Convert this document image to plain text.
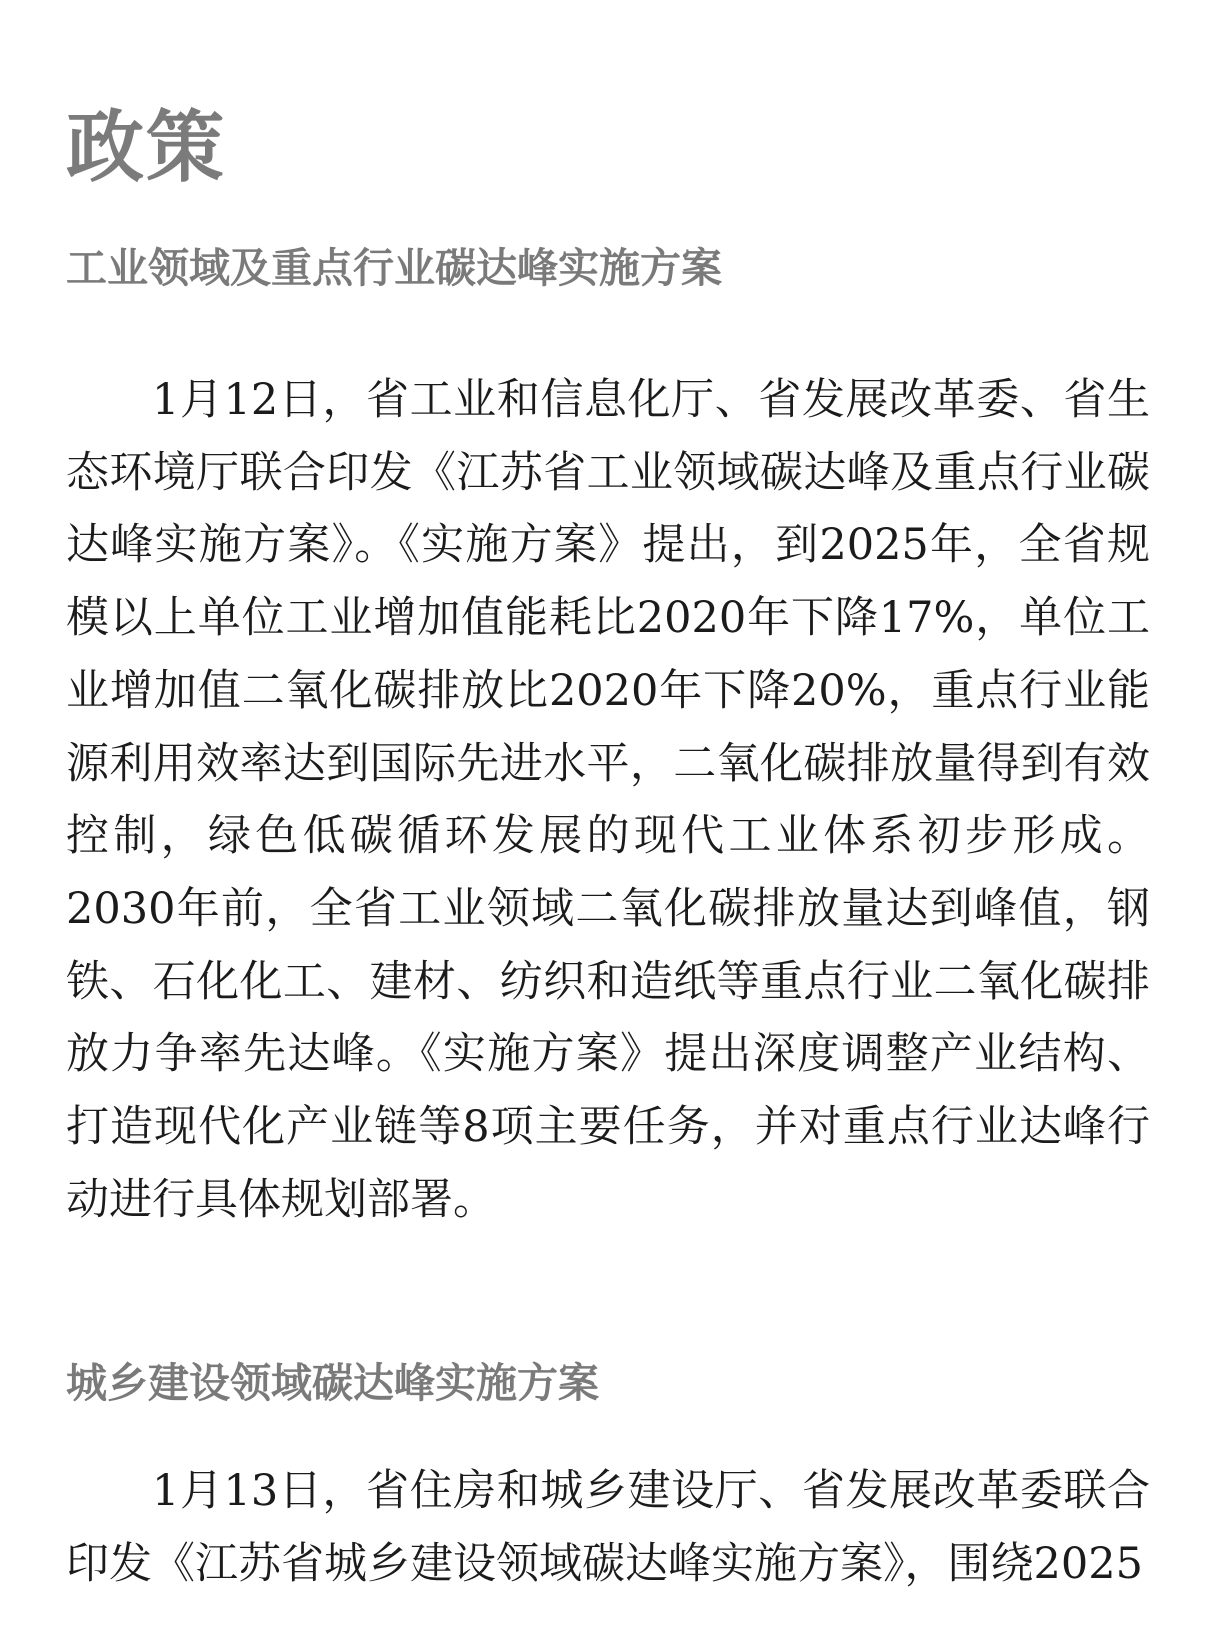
政策
工业领域及重点行业碳达峰实施方案

1月12日，省工业和信息化厅、省发展改革委、省生态环境厅联合印发《江苏省工业领域碳达峰及重点行业碳达峰实施方案》。《实施方案》提出，到2025年，全省规模以上单位工业增加值能耗比2020年下降17%，单位工业增加值二氧化碳排放比2020年下降20%，重点行业能源利用效率达到国际先进水平，二氧化碳排放量得到有效控制，绿色低碳循环发展的现代工业体系初步形成。2030年前，全省工业领域二氧化碳排放量达到峰值，钢铁、石化化工、建材、纺织和造纸等重点行业二氧化碳排放力争率先达峰。《实施方案》提出深度调整产业结构、打造现代化产业链等8项主要任务，并对重点行业达峰行动进行具体规划部署。

城乡建设领域碳达峰实施方案

1月13日，省住房和城乡建设厅、省发展改革委联合印发《江苏省城乡建设领域碳达峰实施方案》，围绕2025
